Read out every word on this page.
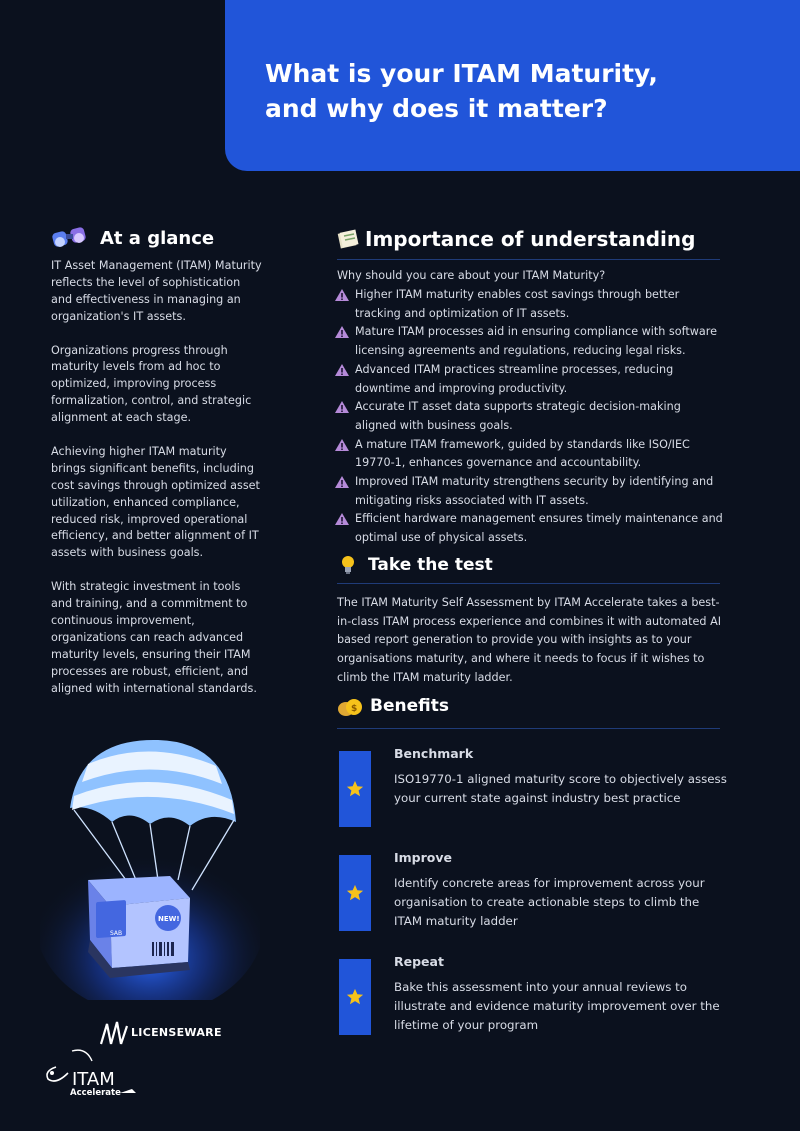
What is your ITAM Maturity,
and why does it matter?
At a glance

IT Asset Management (ITAM) Maturity reflects the level of sophistication and effectiveness in managing an organization's IT assets.

Organizations progress through maturity levels from ad hoc to optimized, improving process formalization, control, and strategic alignment at each stage.

Achieving higher ITAM maturity brings significant benefits, including cost savings through optimized asset utilization, enhanced compliance, reduced risk, improved operational efficiency, and better alignment of IT assets with business goals.

With strategic investment in tools and training, and a commitment to continuous improvement, organizations can reach advanced maturity levels, ensuring their ITAM processes are robust, efficient, and aligned with international standards.

SAB
NEW!
LICENSEWARE
ITAM
Accelerate
Importance of understanding
Why should you care about your ITAM Maturity?
Higher ITAM maturity enables cost savings through better tracking and optimization of IT assets.
Mature ITAM processes aid in ensuring compliance with software licensing agreements and regulations, reducing legal risks.
Advanced ITAM practices streamline processes, reducing downtime and improving productivity.
Accurate IT asset data supports strategic decision-making aligned with business goals.
A mature ITAM framework, guided by standards like ISO/IEC 19770-1, enhances governance and accountability.
Improved ITAM maturity strengthens security by identifying and mitigating risks associated with IT assets.
Efficient hardware management ensures timely maintenance and optimal use of physical assets.
Take the test
The ITAM Maturity Self Assessment by ITAM Accelerate takes a best-in-class ITAM process experience and combines it with automated AI based report generation to provide you with insights as to your organisations maturity, and where it needs to focus if it wishes to climb the ITAM maturity ladder.
$ Benefits
Benchmark
ISO19770-1 aligned maturity score to objectively assess your current state against industry best practice
Improve
Identify concrete areas for improvement across your organisation to create actionable steps to climb the ITAM maturity ladder
Repeat
Bake this assessment into your annual reviews to illustrate and evidence maturity improvement over the lifetime of your program
